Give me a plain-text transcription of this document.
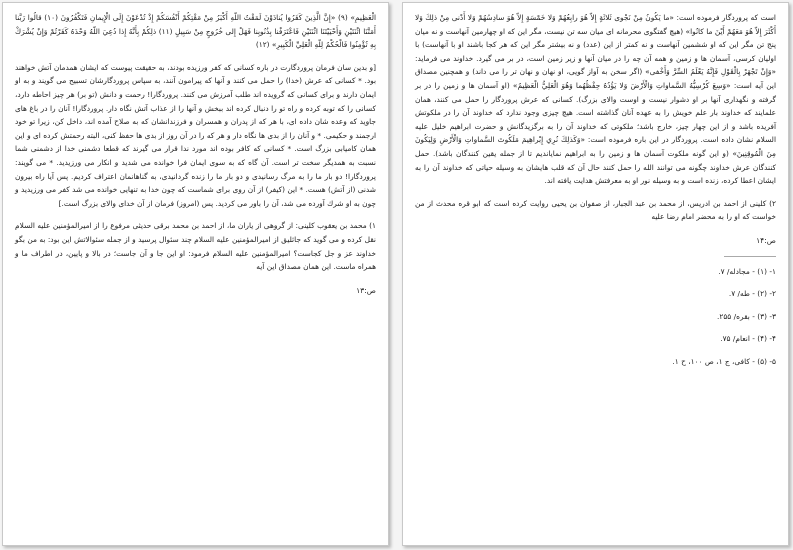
الْعَظِيمِ» (۹) «إِنَّ الَّذِينَ كَفَرُوا يُنادَوْنَ لَمَقْتُ اللّهِ أَكْبَرُ مِنْ مَقْتِكُمْ أَنْفُسَكُمْ إِذْ تُدْعَوْنَ إِلَى الْإِيمانِ فَتَكْفُرُونَ (۱۰) قالُوا رَبَّنا أَمَتَّنَا اثْنَتَيْنِ وَأَحْيَيْتَنَا اثْنَتَيْنِ فَاعْتَرَفْنا بِذُنُوبِنا فَهَلْ إِلى خُرُوجٍ مِنْ سَبِيلٍ (۱۱) ذلِكُمْ بِأَنَّهُ إِذا دُعِيَ اللّهُ وَحْدَهُ كَفَرْتُمْ وَإِنْ يُشْرَكْ بِهِ تُؤْمِنُوا فَالْحُكْمُ لِلّهِ الْعَلِيِّ الْكَبِيرِ» (۱۲)

[و بدين سان فرمان پروردگارت در باره كسانى كه كفر ورزيده بودند، به حقيقت پيوست كه ايشان همدمان آتش خواهند بود. * كسانى كه عرش (خدا) را حمل مى كنند و آنها كه پيرامون آنند، به سپاس پروردگارشان تسبيح مى گويند و به او ايمان دارند و براى كسانى كه گرويده اند طلب آمرزش مى كنند. پروردگارا! رحمت و دانش (تو بر) هر چيز احاطه دارد، كسانى را كه توبه كرده و راه تو را دنبال كرده اند ببخش و آنها را از عذاب آتش نگاه دار. پروردگارا! آنان را در باغ هاى جاويد كه وعده شان داده اى، با هر كه از پدران و همسران و فرزندانشان كه به صلاح آمده اند، داخل كن، زيرا تو خود ارجمند و حكيمى. * و آنان را از بدى ها نگاه دار و هر كه را در آن روز از بدى ها حفظ كنى، البته رحمتش كرده اى و اين همان كاميابى بزرگ است. * كسانى كه كافر بوده اند مورد ندا قرار مى گيرند كه قطعا دشمنى خدا از دشمنى شما نسبت به همديگر سخت تر است. آن گاه كه به سوى ايمان فرا خوانده مى شديد و انكار مى ورزيديد. * مى گويند: پروردگارا! دو بار ما را به مرگ رسانيدى و دو بار ما را زنده گردانيدى، به گناهانمان اعتراف كرديم. پس آيا راه بيرون شدنى (از آتش) هست. * اين (كيفر) از آن روى براى شماست كه چون خدا به تنهايى خوانده مى شد كفر مى ورزيديد و چون به او شرك آورده مى شد، آن را باور مى كرديد. پس (امروز) فرمان از آن خداى والاى بزرگ است.]

۱) محمد بن يعقوب كلينى: از گروهى از ياران ما، از احمد بن محمد برقى حديثى مرفوع را از اميرالمؤمنين عليه السلام نقل كرده و مى گويد كه جاثليق از اميرالمؤمنين عليه السلام چند سئوال پرسيد و از جمله سئوالاتش اين بود: به من بگو خداوند عز و جل كجاست؟ اميرالمؤمنين عليه السلام فرمود: او اين جا و آن جاست؛ در بالا و پايين، در اطراف ما و همراه ماست. اين همان مصداق اين آيه

ص:۱۳

است كه پروردگار فرموده است: «ما يَكُونُ مِنْ نَجْوى ثَلاثَةٍ إِلاّ هُوَ رابِعُهُمْ وَلا خَمْسَةٍ إِلاّ هُوَ سادِسُهُمْ وَلا أَدْنى مِنْ ذلِكَ وَلا أَكْثَرَ إِلاّ هُوَ مَعَهُمْ أَيْنَ ما كانُوا» (هيچ گفتگوى محرمانه اى ميان سه تن نيست، مگر اين كه او چهارمين آنهاست و نه ميان پنج تن مگر اين كه او ششمين آنهاست و نه كمتر از اين (عدد) و نه بيشتر مگر اين كه هر كجا باشند او با آنهاست) با اوليان كرسى، آسمان ها و زمين و همه آن چه را در ميان آنها و زير زمين است، در بر مى گيرد. خداوند مى فرمايد: «وَإِنْ تَجْهَرْ بِالْقَوْلِ فَإِنَّهُ يَعْلَمُ السِّرَّ وَأَخْفى» (اگر سخن به آواز گويى، او نهان و نهان تر را مى داند) و همچنين مصداق اين آيه است: «وَسِعَ كُرْسِيُّهُ السَّماواتِ وَالْأَرْضَ وَلا يَؤُدُهُ حِفْظُهُما وَهُوَ الْعَلِيُّ الْعَظِيمُ» (او آسمان ها و زمين را در بر گرفته و نگهدارى آنها بر او دشوار نيست و اوست والاى بزرگ). كسانى كه عرش پروردگار را حمل مى كنند، همان علمايند كه خداوند بار علم خويش را به عهده آنان گذاشته است. هيچ چيزى وجود ندارد كه خداوند آن را در ملكوتش آفريده باشد و از اين چهار چيز، خارج باشد؛ ملكوتى كه خداوند آن را به برگزيدگانش و حضرت ابراهيم خليل عليه السلام نشان داده است. پروردگار در اين باره فرموده است: «وَكَذلِكَ نُرِي إِبْراهِيمَ مَلَكُوتَ السَّماواتِ وَالْأَرْضِ وَلِيَكُونَ مِنَ الْمُوقِنِينَ» (و اين گونه ملكوت آسمان ها و زمين را به ابراهيم نمايانديم تا از جمله يقين كنندگان باشد). حمل كنندگان عرش خداوند چگونه مى توانند الله را حمل كنند حال آن كه قلب هايشان به وسيله حياتى كه خداوند آن را به ايشان اعطا كرده، زنده است و به وسيله نور او به معرفتش هدايت يافته اند.

۲) كلينى از احمد بن ادريس، از محمد بن عبد الجبار، از صفوان بن يحيى روايت كرده است كه ابو قره محدث از من خواست كه او را به محضر امام رضا عليه

ص:۱۴

۱- (۱) - مجادله/ ۷.

۲- (۲) - طه/ ۷.

۳- (۳) - بقره/ ۲۵۵.

۴- (۴) - انعام/ ۷۵.

۵- (۵) - كافى، ج ۱، ص ۱۰۰، ح ۱.
